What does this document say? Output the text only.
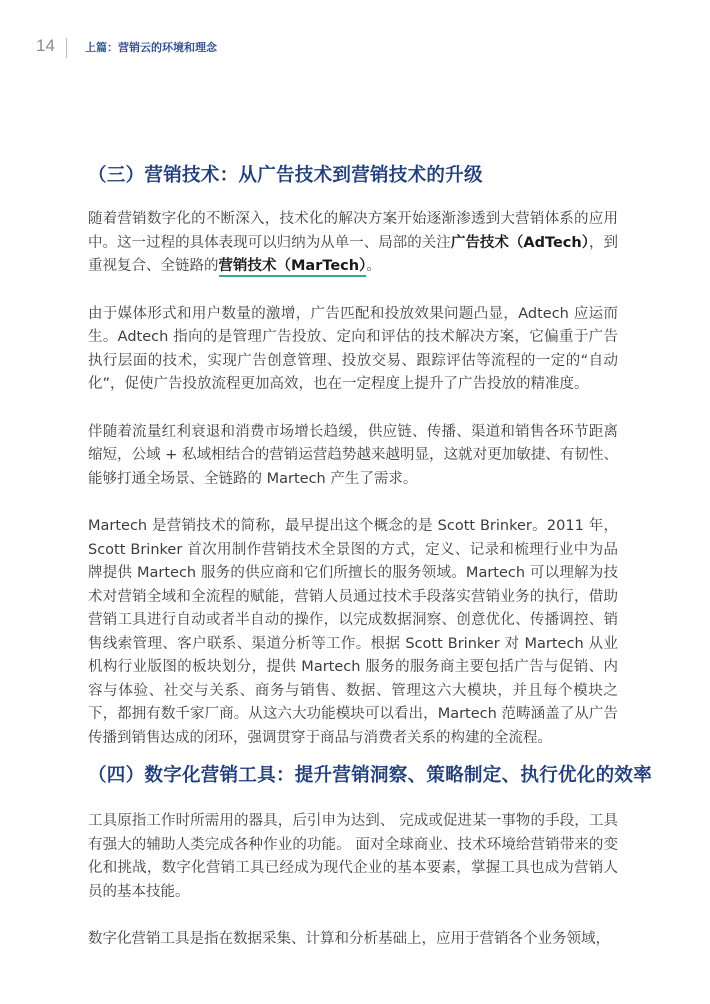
14	上篇：营销云的环境和理念
（三）营销技术：从广告技术到营销技术的升级

随着营销数字化的不断深入，技术化的解决方案开始逐渐渗透到大营销体系的应用中。这一过程的具体表现可以归纳为从单一、局部的关注广告技术（AdTech），到重视复合、全链路的营销技术（MarTech）。

由于媒体形式和用户数量的激增，广告匹配和投放效果问题凸显，Adtech 应运而生。Adtech 指向的是管理广告投放、定向和评估的技术解决方案，它偏重于广告执行层面的技术，实现广告创意管理、投放交易、跟踪评估等流程的一定的“自动化”，促使广告投放流程更加高效，也在一定程度上提升了广告投放的精准度。

伴随着流量红利衰退和消费市场增长趋缓，供应链、传播、渠道和销售各环节距离缩短，公域 + 私域相结合的营销运营趋势越来越明显，这就对更加敏捷、有韧性、能够打通全场景、全链路的 Martech 产生了需求。

Martech 是营销技术的简称，最早提出这个概念的是 Scott Brinker。2011 年，Scott Brinker 首次用制作营销技术全景图的方式，定义、记录和梳理行业中为品牌提供 Martech 服务的供应商和它们所擅长的服务领域。Martech 可以理解为技术对营销全域和全流程的赋能，营销人员通过技术手段落实营销业务的执行，借助营销工具进行自动或者半自动的操作，以完成数据洞察、创意优化、传播调控、销售线索管理、客户联系、渠道分析等工作。根据 Scott Brinker 对 Martech 从业机构行业版图的板块划分，提供 Martech 服务的服务商主要包括广告与促销、内容与体验、社交与关系、商务与销售、数据、管理这六大模块，并且每个模块之下，都拥有数千家厂商。从这六大功能模块可以看出，Martech 范畴涵盖了从广告传播到销售达成的闭环，强调贯穿于商品与消费者关系的构建的全流程。

（四）数字化营销工具：提升营销洞察、策略制定、执行优化的效率

工具原指工作时所需用的器具，后引申为达到、 完成或促进某一事物的手段，工具有强大的辅助人类完成各种作业的功能。 面对全球商业、技术环境给营销带来的变化和挑战，数字化营销工具已经成为现代企业的基本要素，掌握工具也成为营销人员的基本技能。

数字化营销工具是指在数据采集、计算和分析基础上，应用于营销各个业务领域，
